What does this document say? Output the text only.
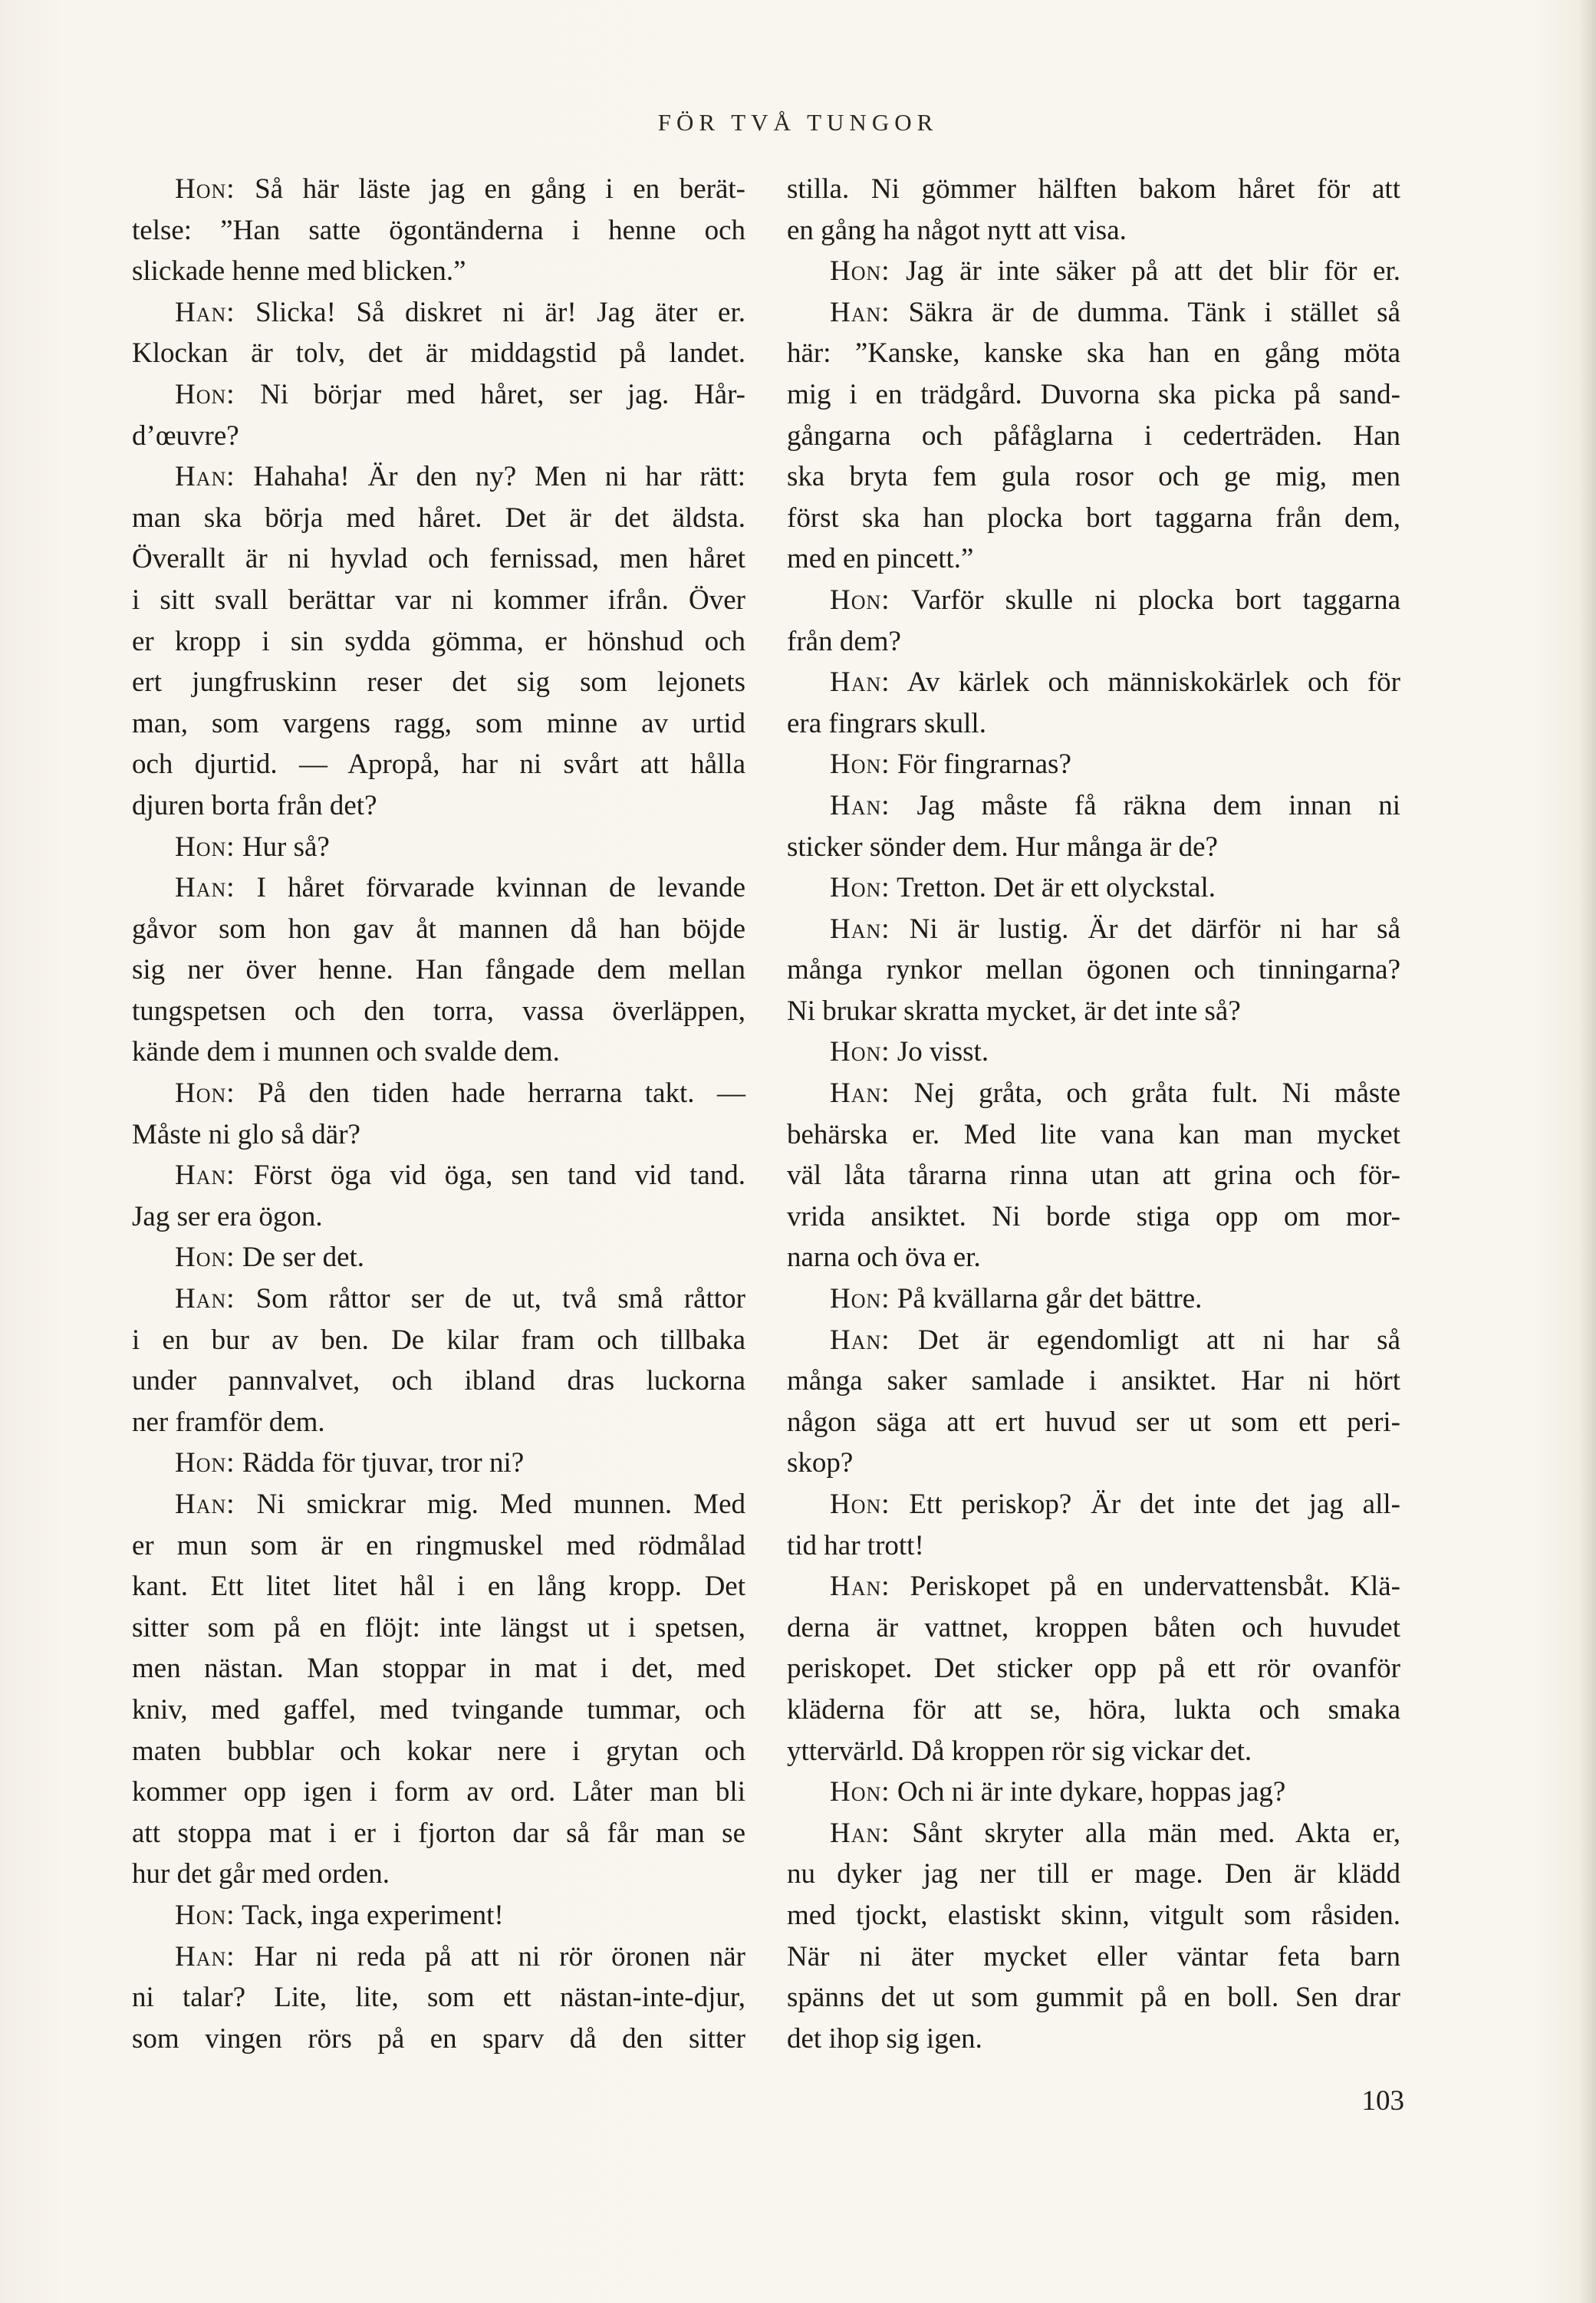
FÖR TVÅ TUNGOR
Hon: Så här läste jag en gång i en berät-
telse: ”Han satte ögontänderna i henne och
slickade henne med blicken.”
Han: Slicka! Så diskret ni är! Jag äter er.
Klockan är tolv, det är middagstid på landet.
Hon: Ni börjar med håret, ser jag. Hår-
d’œuvre?
Han: Hahaha! Är den ny? Men ni har rätt:
man ska börja med håret. Det är det äldsta.
Överallt är ni hyvlad och fernissad, men håret
i sitt svall berättar var ni kommer ifrån. Över
er kropp i sin sydda gömma, er hönshud och
ert jungfruskinn reser det sig som lejonets
man, som vargens ragg, som minne av urtid
och djurtid. — Apropå, har ni svårt att hålla
djuren borta från det?
Hon: Hur så?
Han: I håret förvarade kvinnan de levande
gåvor som hon gav åt mannen då han böjde
sig ner över henne. Han fångade dem mellan
tungspetsen och den torra, vassa överläppen,
kände dem i munnen och svalde dem.
Hon: På den tiden hade herrarna takt. —
Måste ni glo så där?
Han: Först öga vid öga, sen tand vid tand.
Jag ser era ögon.
Hon: De ser det.
Han: Som råttor ser de ut, två små råttor
i en bur av ben. De kilar fram och tillbaka
under pannvalvet, och ibland dras luckorna
ner framför dem.
Hon: Rädda för tjuvar, tror ni?
Han: Ni smickrar mig. Med munnen. Med
er mun som är en ringmuskel med rödmålad
kant. Ett litet litet hål i en lång kropp. Det
sitter som på en flöjt: inte längst ut i spetsen,
men nästan. Man stoppar in mat i det, med
kniv, med gaffel, med tvingande tummar, och
maten bubblar och kokar nere i grytan och
kommer opp igen i form av ord. Låter man bli
att stoppa mat i er i fjorton dar så får man se
hur det går med orden.
Hon: Tack, inga experiment!
Han: Har ni reda på att ni rör öronen när
ni talar? Lite, lite, som ett nästan-inte-djur,
som vingen rörs på en sparv då den sitter
stilla. Ni gömmer hälften bakom håret för att
en gång ha något nytt att visa.
Hon: Jag är inte säker på att det blir för er.
Han: Säkra är de dumma. Tänk i stället så
här: ”Kanske, kanske ska han en gång möta
mig i en trädgård. Duvorna ska picka på sand-
gångarna och påfåglarna i cederträden. Han
ska bryta fem gula rosor och ge mig, men
först ska han plocka bort taggarna från dem,
med en pincett.”
Hon: Varför skulle ni plocka bort taggarna
från dem?
Han: Av kärlek och människokärlek och för
era fingrars skull.
Hon: För fingrarnas?
Han: Jag måste få räkna dem innan ni
sticker sönder dem. Hur många är de?
Hon: Tretton. Det är ett olyckstal.
Han: Ni är lustig. Är det därför ni har så
många rynkor mellan ögonen och tinningarna?
Ni brukar skratta mycket, är det inte så?
Hon: Jo visst.
Han: Nej gråta, och gråta fult. Ni måste
behärska er. Med lite vana kan man mycket
väl låta tårarna rinna utan att grina och för-
vrida ansiktet. Ni borde stiga opp om mor-
narna och öva er.
Hon: På kvällarna går det bättre.
Han: Det är egendomligt att ni har så
många saker samlade i ansiktet. Har ni hört
någon säga att ert huvud ser ut som ett peri-
skop?
Hon: Ett periskop? Är det inte det jag all-
tid har trott!
Han: Periskopet på en undervattensbåt. Klä-
derna är vattnet, kroppen båten och huvudet
periskopet. Det sticker opp på ett rör ovanför
kläderna för att se, höra, lukta och smaka
yttervärld. Då kroppen rör sig vickar det.
Hon: Och ni är inte dykare, hoppas jag?
Han: Sånt skryter alla män med. Akta er,
nu dyker jag ner till er mage. Den är klädd
med tjockt, elastiskt skinn, vitgult som råsiden.
När ni äter mycket eller väntar feta barn
spänns det ut som gummit på en boll. Sen drar
det ihop sig igen.
103
